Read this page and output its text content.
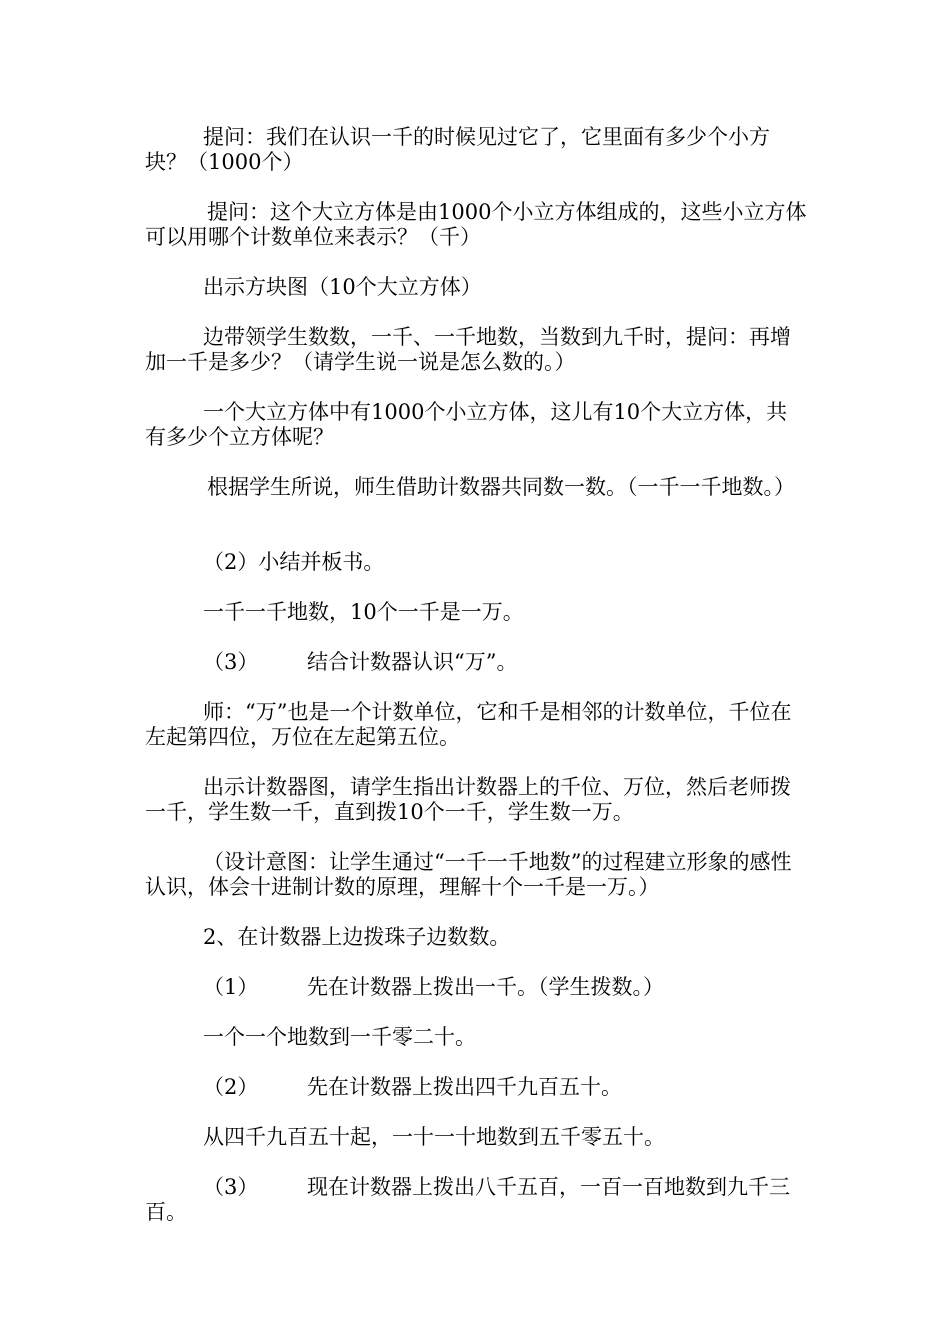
提问：我们在认识一千的时候见过它了，它里面有多少个小方块？（1000个）

提问：这个大立方体是由1000个小立方体组成的，这些小立方体可以用哪个计数单位来表示？（千）

出示方块图（10个大立方体）

边带领学生数数，一千、一千地数，当数到九千时，提问：再增加一千是多少？（请学生说一说是怎么数的。）

一个大立方体中有1000个小立方体，这儿有10个大立方体，共有多少个立方体呢？

根据学生所说，师生借助计数器共同数一数。（一千一千地数。）

（2）小结并板书。

一千一千地数，10个一千是一万。

（3） 结合计数器认识“万”。

师：“万”也是一个计数单位，它和千是相邻的计数单位，千位在左起第四位，万位在左起第五位。

出示计数器图，请学生指出计数器上的千位、万位，然后老师拨一千，学生数一千，直到拨10个一千，学生数一万。

（设计意图：让学生通过“一千一千地数”的过程建立形象的感性认识，体会十进制计数的原理，理解十个一千是一万。）

2、在计数器上边拨珠子边数数。

（1） 先在计数器上拨出一千。（学生拨数。）

一个一个地数到一千零二十。

（2） 先在计数器上拨出四千九百五十。

从四千九百五十起，一十一十地数到五千零五十。

（3） 现在计数器上拨出八千五百，一百一百地数到九千三百。
